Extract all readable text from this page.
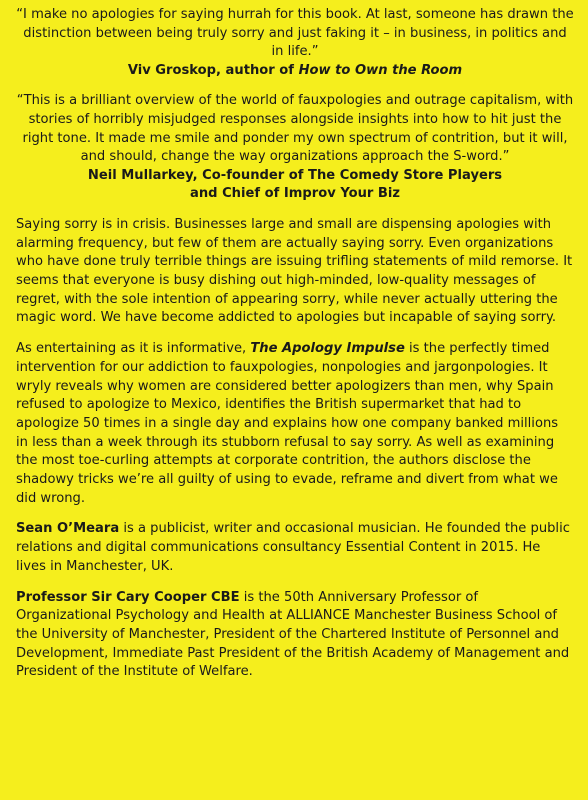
“I make no apologies for saying hurrah for this book. At last, someone has drawn the distinction between being truly sorry and just faking it – in business, in politics and in life.”
Viv Groskop, author of How to Own the Room

“This is a brilliant overview of the world of fauxpologies and outrage capitalism, with stories of horribly misjudged responses alongside insights into how to hit just the right tone. It made me smile and ponder my own spectrum of contrition, but it will, and should, change the way organizations approach the S-word.”
Neil Mullarkey, Co-founder of The Comedy Store Players
and Chief of Improv Your Biz

Saying sorry is in crisis. Businesses large and small are dispensing apologies with alarming frequency, but few of them are actually saying sorry. Even organizations who have done truly terrible things are issuing trifling statements of mild remorse. It seems that everyone is busy dishing out high-minded, low-quality messages of regret, with the sole intention of appearing sorry, while never actually uttering the magic word. We have become addicted to apologies but incapable of saying sorry.

As entertaining as it is informative, The Apology Impulse is the perfectly timed intervention for our addiction to fauxpologies, nonpologies and jargonpologies. It wryly reveals why women are considered better apologizers than men, why Spain refused to apologize to Mexico, identifies the British supermarket that had to apologize 50 times in a single day and explains how one company banked millions in less than a week through its stubborn refusal to say sorry. As well as examining the most toe-curling attempts at corporate contrition, the authors disclose the shadowy tricks we’re all guilty of using to evade, reframe and divert from what we did wrong.

Sean O’Meara is a publicist, writer and occasional musician. He founded the public relations and digital communications consultancy Essential Content in 2015. He lives in Manchester, UK.

Professor Sir Cary Cooper CBE is the 50th Anniversary Professor of Organizational Psychology and Health at ALLIANCE Manchester Business School of the University of Manchester, President of the Chartered Institute of Personnel and Development, Immediate Past President of the British Academy of Management and President of the Institute of Welfare.
